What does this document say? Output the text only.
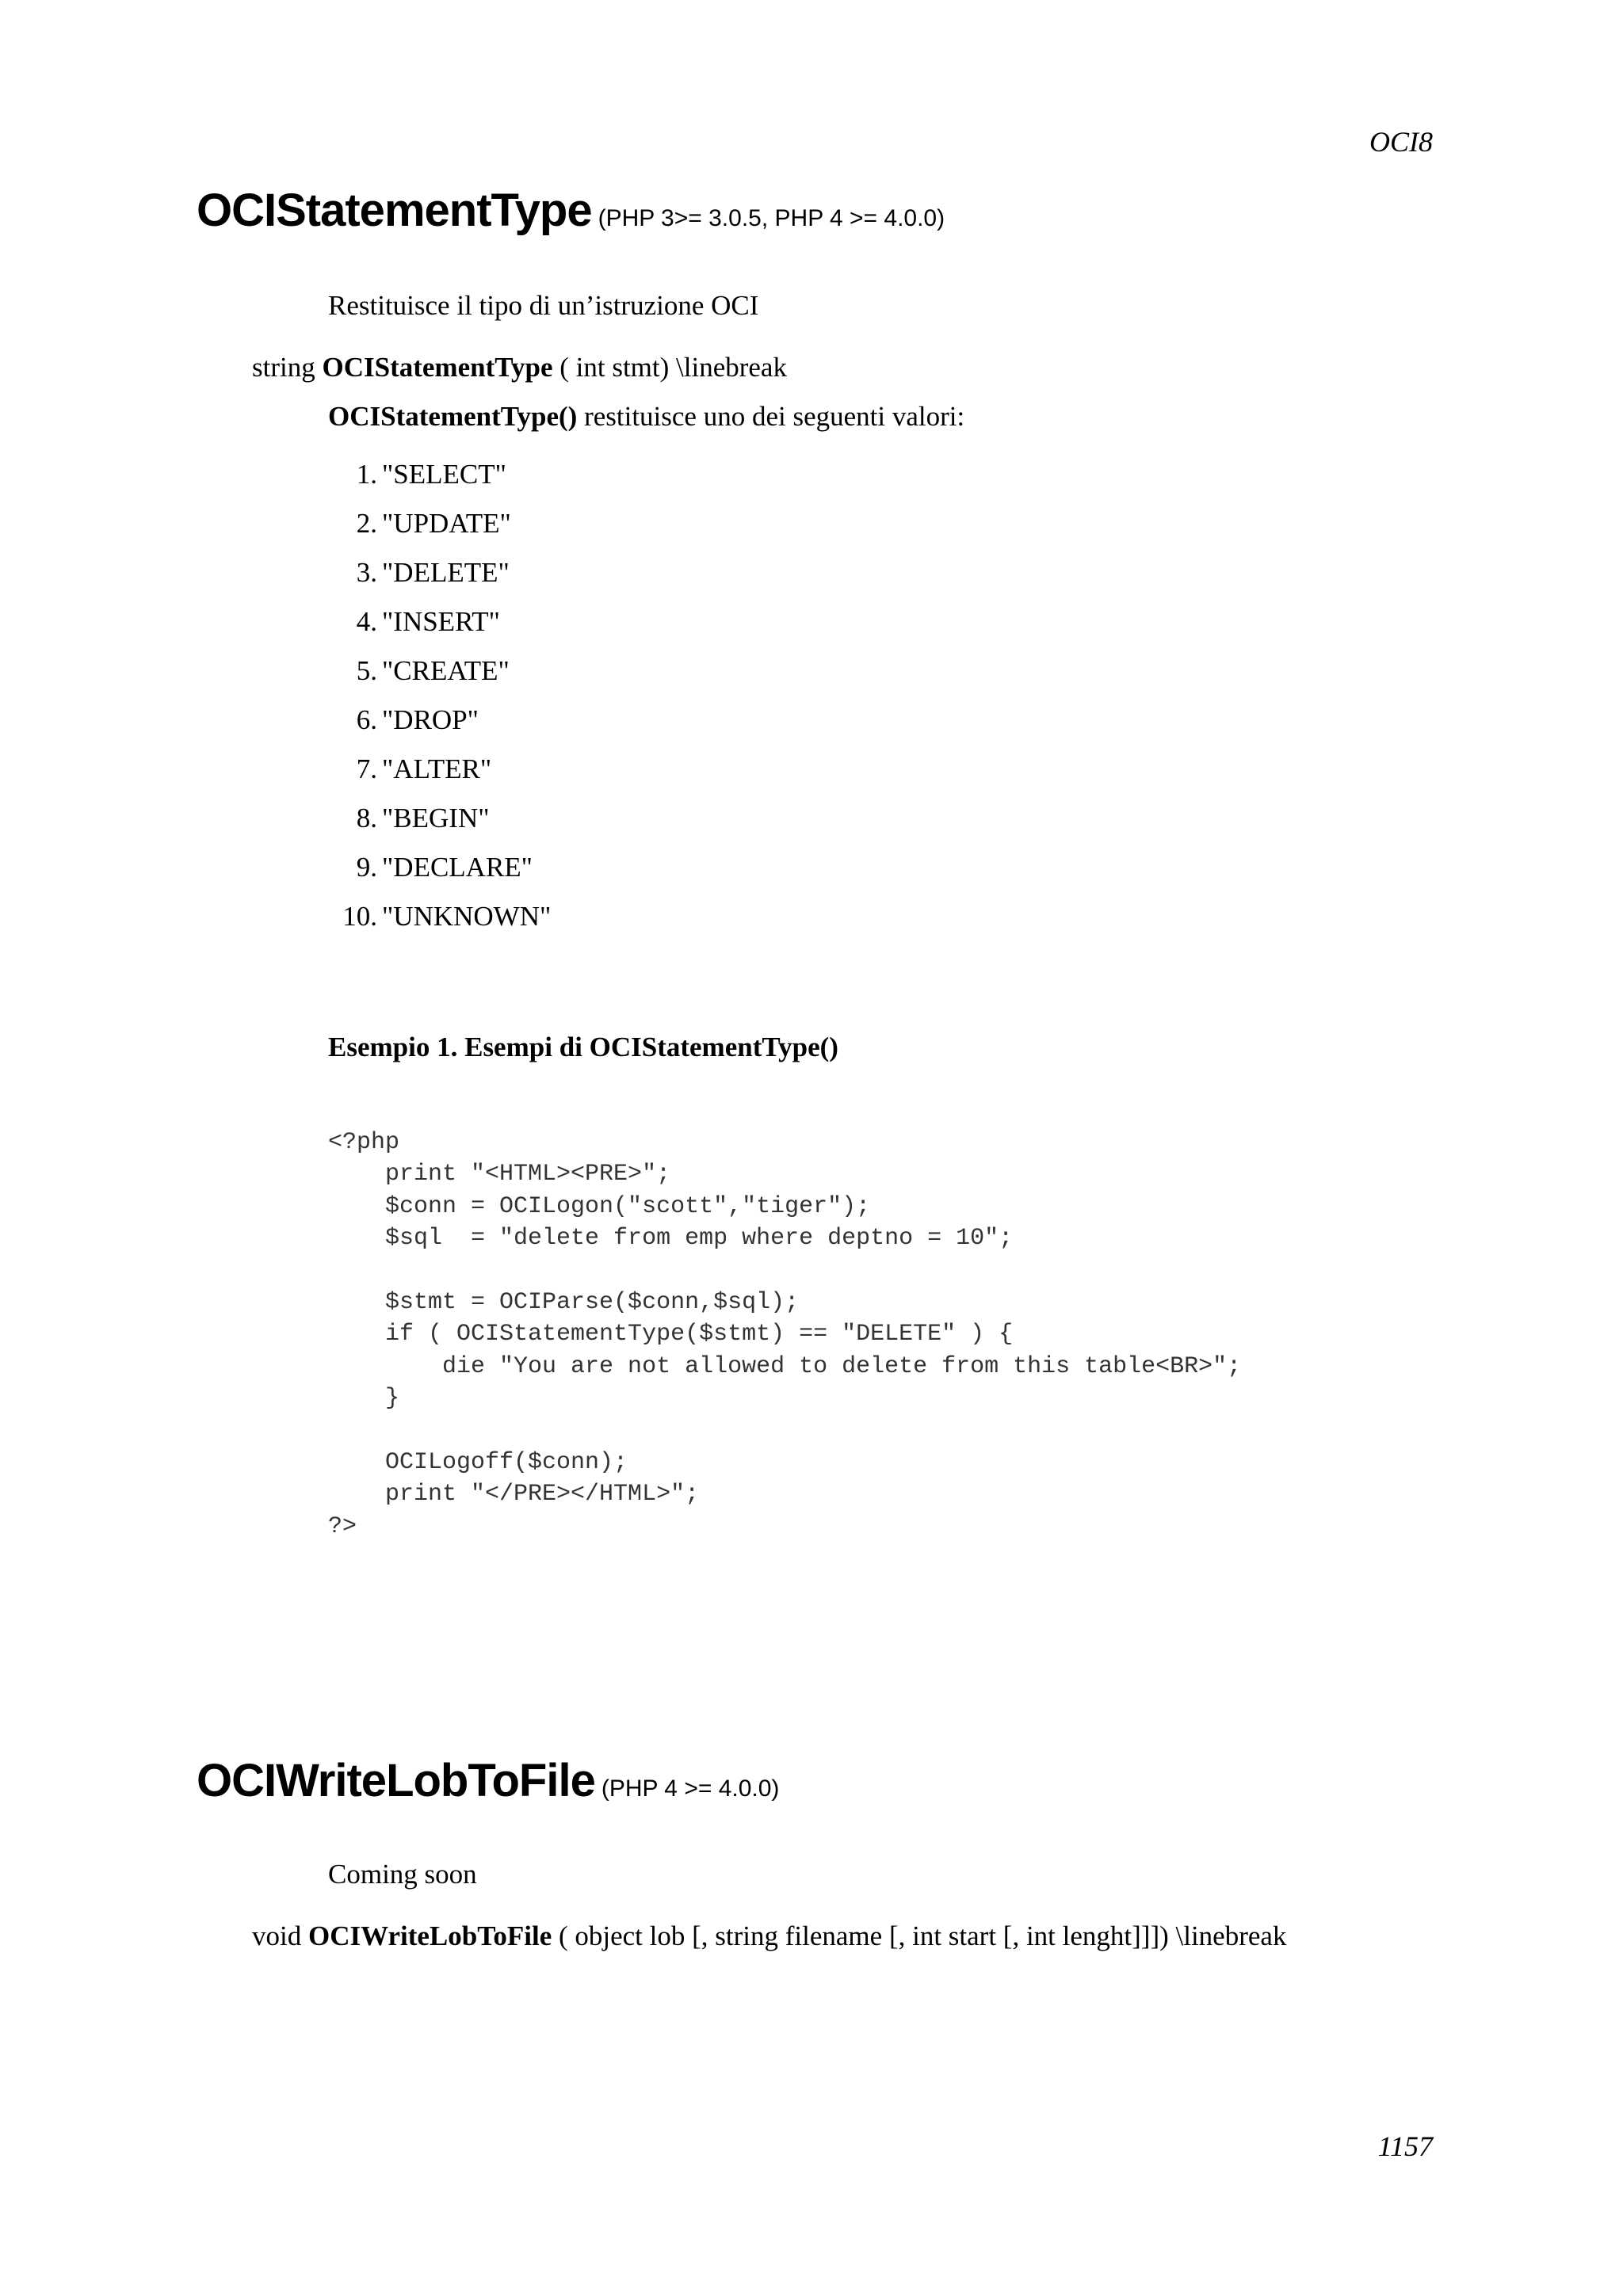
OCI8
OCIStatementType (PHP 3>= 3.0.5, PHP 4 >= 4.0.0)

Restituisce il tipo di un’istruzione OCI

string OCIStatementType ( int stmt) \linebreak

OCIStatementType() restituisce uno dei seguenti valori:

1. "SELECT"
2. "UPDATE"
3. "DELETE"
4. "INSERT"
5. "CREATE"
6. "DROP"
7. "ALTER"
8. "BEGIN"
9. "DECLARE"
10. "UNKNOWN"

Esempio 1. Esempi di OCIStatementType()

<?php
print "<HTML><PRE>";
$conn = OCILogon("scott","tiger");
$sql  = "delete from emp where deptno = 10";

$stmt = OCIParse($conn,$sql);
if ( OCIStatementType($stmt) == "DELETE" ) {
die "You are not allowed to delete from this table<BR>";
}

OCILogoff($conn);
print "</PRE></HTML>";
?>
OCIWriteLobToFile (PHP 4 >= 4.0.0)

Coming soon

void OCIWriteLobToFile ( object lob [, string filename [, int start [, int lenght]]]) \linebreak

1157
